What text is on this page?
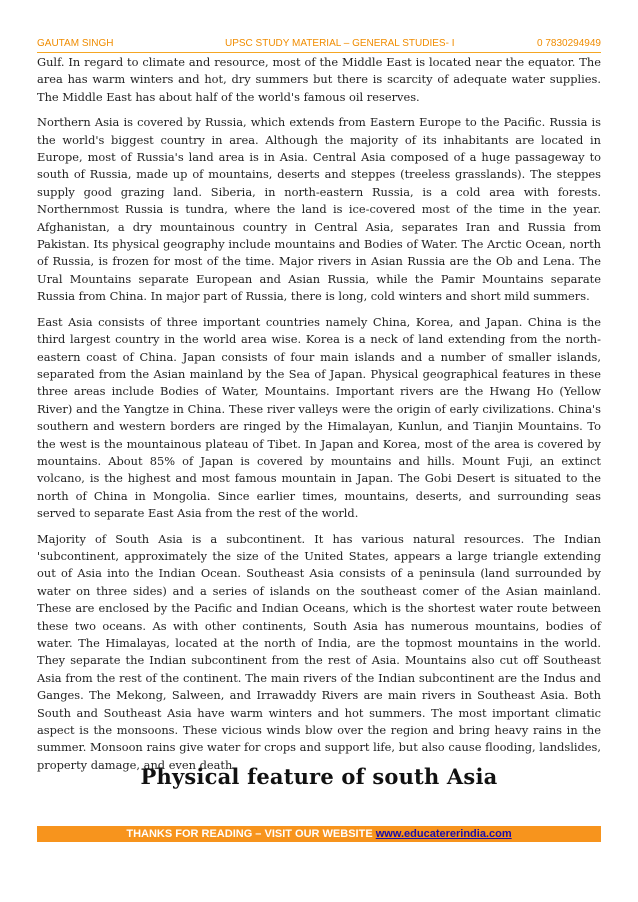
GAUTAM SINGH	UPSC STUDY MATERIAL – GENERAL STUDIES- I	0 7830294949

Gulf. In regard to climate and resource, most of the Middle East is located near the equator. The area has warm winters and hot, dry summers but there is scarcity of adequate water supplies. The Middle East has about half of the world's famous oil reserves.

Northern Asia is covered by Russia, which extends from Eastern Europe to the Pacific. Russia is the world's biggest country in area. Although the majority of its inhabitants are located in Europe, most of Russia's land area is in Asia. Central Asia composed of a huge passageway to south of Russia, made up of mountains, deserts and steppes (treeless grasslands). The steppes supply good grazing land. Siberia, in north-eastern Russia, is a cold area with forests. Northernmost Russia is tundra, where the land is ice-covered most of the time in the year. Afghanistan, a dry mountainous country in Central Asia, separates Iran and Russia from Pakistan. Its physical geography include mountains and Bodies of Water. The Arctic Ocean, north of Russia, is frozen for most of the time. Major rivers in Asian Russia are the Ob and Lena. The Ural Mountains separate European and Asian Russia, while the Pamir Mountains separate Russia from China. In major part of Russia, there is long, cold winters and short mild summers.

East Asia consists of three important countries namely China, Korea, and Japan. China is the third largest country in the world area wise. Korea is a neck of land extending from the north-eastern coast of China. Japan consists of four main islands and a number of smaller islands, separated from the Asian mainland by the Sea of Japan. Physical geographical features in these three areas include Bodies of Water, Mountains. Important rivers are the Hwang Ho (Yellow River) and the Yangtze in China. These river valleys were the origin of early civilizations. China's southern and western borders are ringed by the Himalayan, Kunlun, and Tianjin Mountains. To the west is the mountainous plateau of Tibet. In Japan and Korea, most of the area is covered by mountains. About 85% of Japan is covered by mountains and hills. Mount Fuji, an extinct volcano, is the highest and most famous mountain in Japan. The Gobi Desert is situated to the north of China in Mongolia. Since earlier times, mountains, deserts, and surrounding seas served to separate East Asia from the rest of the world.

Majority of South Asia is a subcontinent. It has various natural resources. The Indian 'subcontinent, approximately the size of the United States, appears a large triangle extending out of Asia into the Indian Ocean. Southeast Asia consists of a peninsula (land surrounded by water on three sides) and a series of islands on the southeast comer of the Asian mainland. These are enclosed by the Pacific and Indian Oceans, which is the shortest water route between these two oceans. As with other continents, South Asia has numerous mountains, bodies of water. The Himalayas, located at the north of India, are the topmost mountains in the world. They separate the Indian subcontinent from the rest of Asia. Mountains also cut off Southeast Asia from the rest of the continent. The main rivers of the Indian subcontinent are the Indus and Ganges. The Mekong, Salween, and Irrawaddy Rivers are main rivers in Southeast Asia. Both South and Southeast Asia have warm winters and hot summers. The most important climatic aspect is the monsoons. These vicious winds blow over the region and bring heavy rains in the summer. Monsoon rains give water for crops and support life, but also cause flooding, landslides, property damage, and even death.

Physical feature of south Asia
THANKS FOR READING – VISIT OUR WEBSITE www.educatererindia.com
